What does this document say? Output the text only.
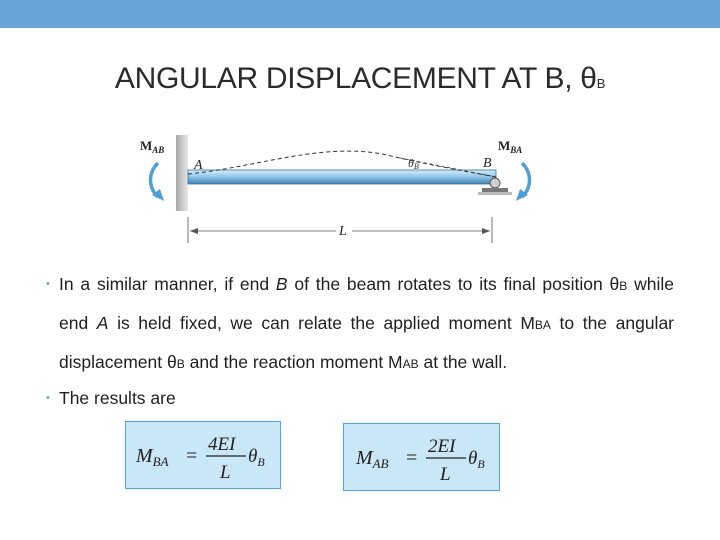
ANGULAR DISPLACEMENT AT B, θB
$M_{AB}$	$M_{BA}$
A	B
θB
L
• In a similar manner, if end B of the beam rotates to its final position θB while end A is held fixed, we can relate the applied moment MBA to the angular displacement θB and the reaction moment MAB at the wall.
• The results are
$M_{BA}$ =
4EI
L
$\theta_B$	$M_{AB}$ =
2EI
L
$\theta_B$
